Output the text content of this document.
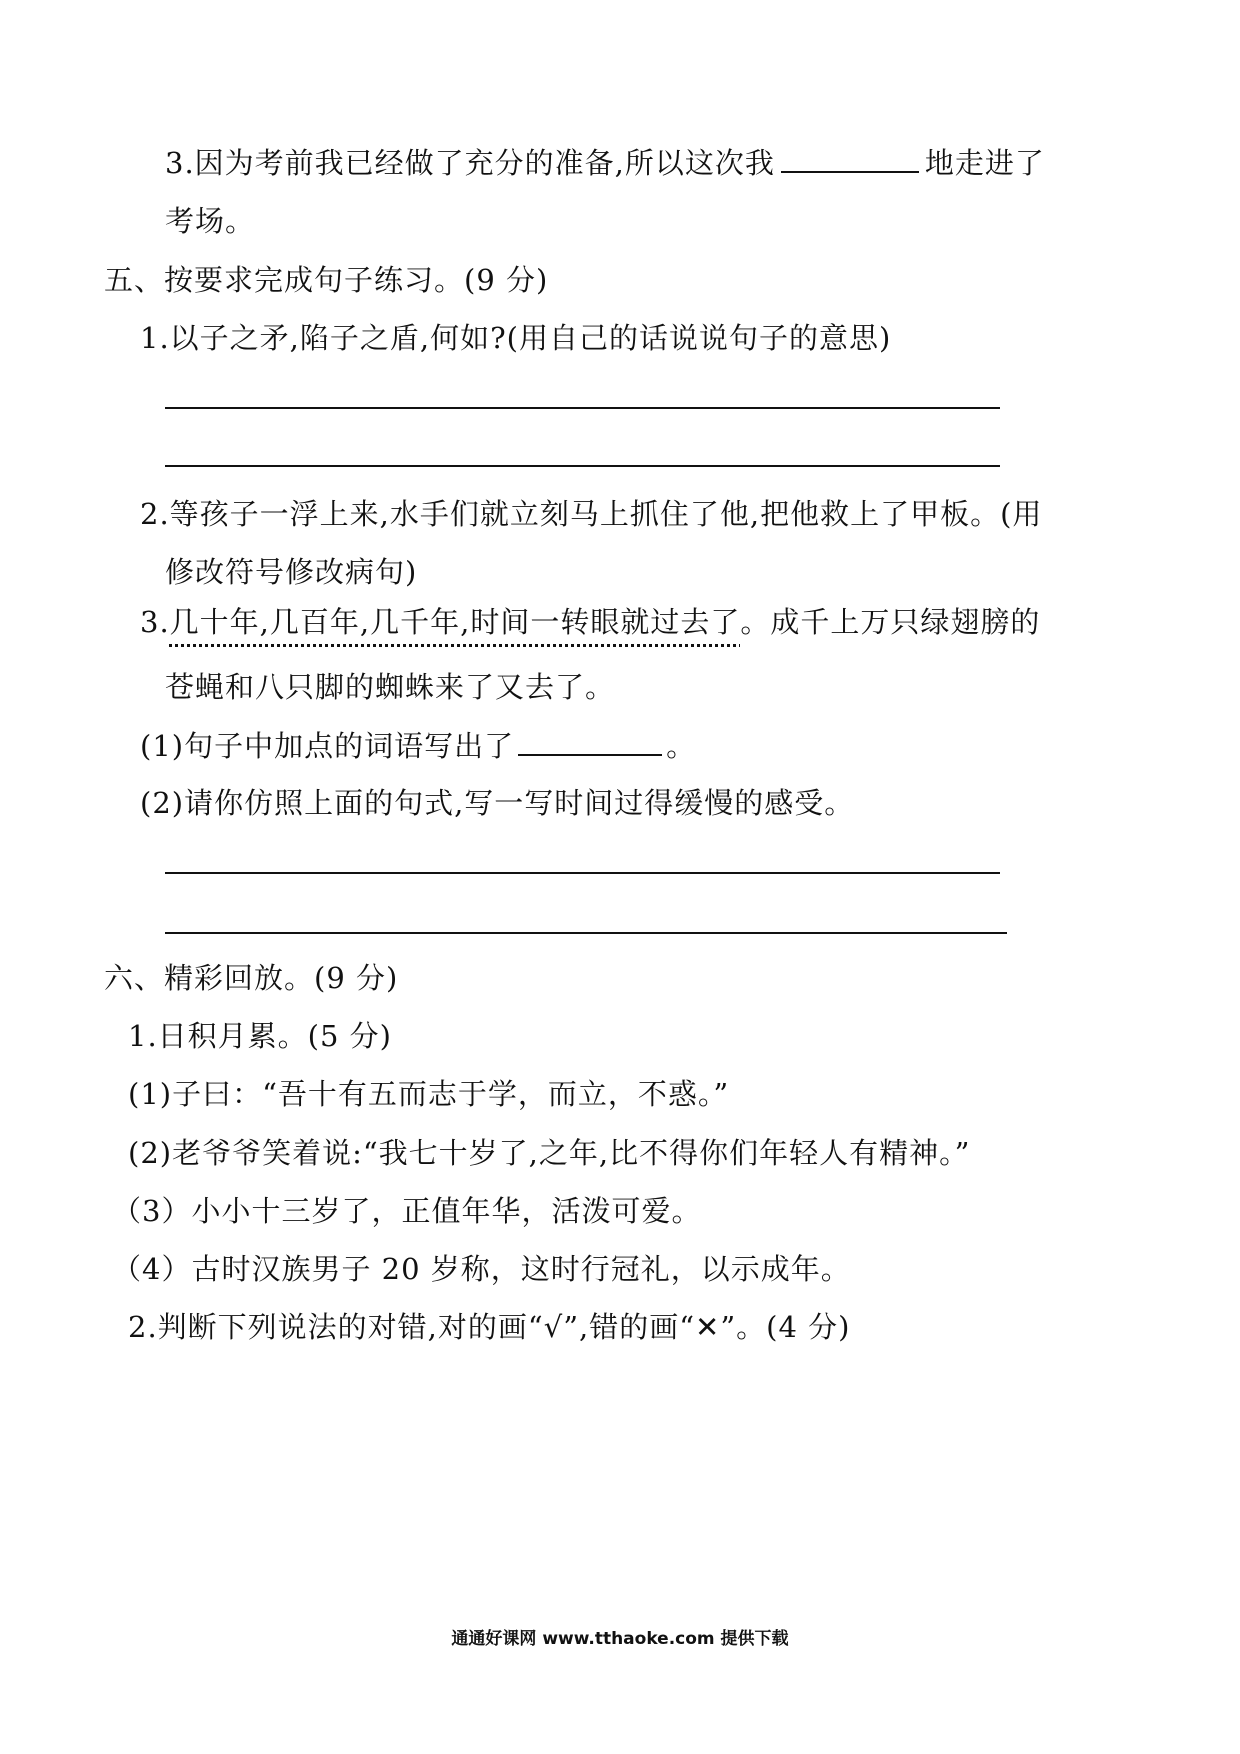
3.因为考前我已经做了充分的准备,所以这次我	地走进了
考场。
五、按要求完成句子练习。(9 分)
1.以子之矛,陷子之盾,何如?(用自己的话说说句子的意思)
2.等孩子一浮上来,水手们就立刻马上抓住了他,把他救上了甲板。(用
修改符号修改病句)
3.几十年,几百年,几千年,时间一转眼就过去了。成千上万只绿翅膀的
苍蝇和八只脚的蜘蛛来了又去了。
(1)句子中加点的词语写出了	。
(2)请你仿照上面的句式,写一写时间过得缓慢的感受。
六、精彩回放。(9 分)
1.日积月累。(5 分)
(1)子曰：“吾十有五而志于学，而立，不惑。”
(2)老爷爷笑着说:“我七十岁了,之年,比不得你们年轻人有精神。”
（3）小小十三岁了，正值年华，活泼可爱。
（4）古时汉族男子 20 岁称，这时行冠礼，以示成年。
2.判断下列说法的对错,对的画“√”,错的画“✕”。(4 分)
通通好课网 www.tthaoke.com 提供下载
